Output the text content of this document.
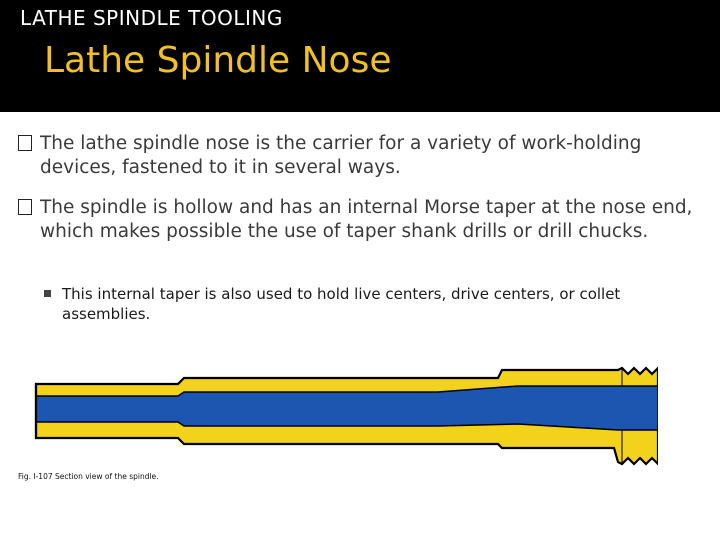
LATHE SPINDLE TOOLING
Lathe Spindle Nose
The lathe spindle nose is the carrier for a variety of work-holding devices, fastened to it in several ways.
The spindle is hollow and has an internal Morse taper at the nose end, which makes possible the use of taper shank drills or drill chucks.
This internal taper is also used to hold live centers, drive centers, or collet assemblies.
Fig. I-107 Section view of the spindle.
